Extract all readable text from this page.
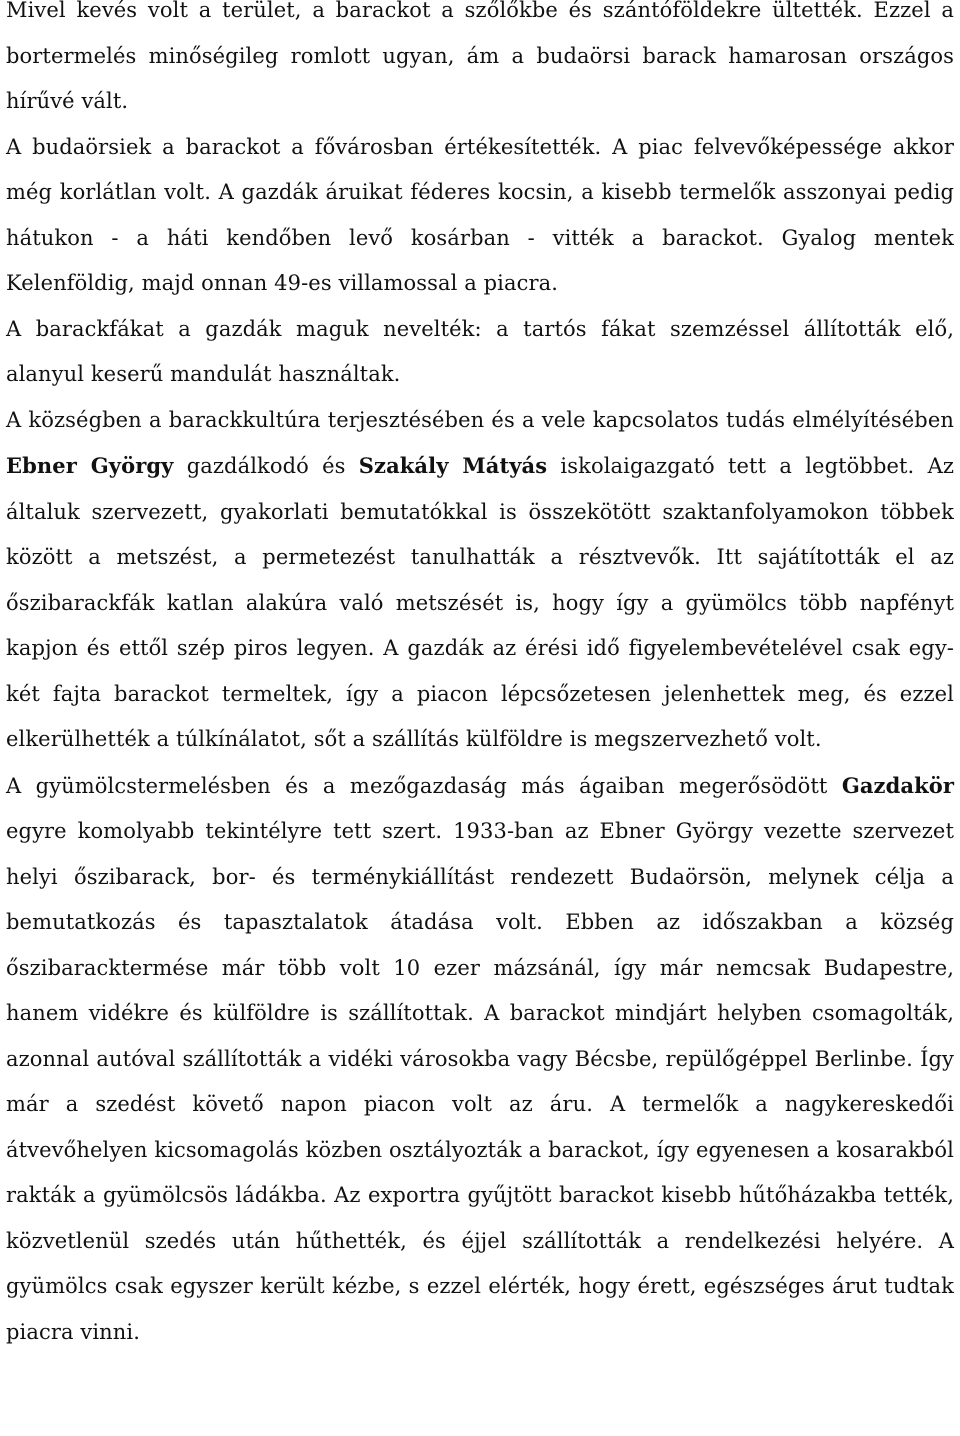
Mivel kevés volt a terület, a barackot a szőlőkbe és szántóföldekre ültették. Ezzel a bortermelés minőségileg romlott ugyan, ám a budaörsi barack hamarosan országos hírűvé vált.

A budaörsiek a barackot a fővárosban értékesítették. A piac felvevőképessége akkor még korlátlan volt. A gazdák áruikat féderes kocsin, a kisebb termelők asszonyai pedig hátukon - a háti kendőben levő kosárban - vitték a barackot. Gyalog mentek Kelenföldig, majd onnan 49-es villamossal a piacra.

A barackfákat a gazdák maguk nevelték: a tartós fákat szemzéssel állították elő, alanyul keserű mandulát használtak.

A községben a barackkultúra terjesztésében és a vele kapcsolatos tudás elmélyítésében Ebner György gazdálkodó és Szakály Mátyás iskolaigazgató tett a legtöbbet. Az általuk szervezett, gyakorlati bemutatókkal is összekötött szaktanfolyamokon többek között a metszést, a permetezést tanulhatták a résztvevők. Itt sajátították el az őszibarackfák katlan alakúra való metszését is, hogy így a gyümölcs több napfényt kapjon és ettől szép piros legyen. A gazdák az érési idő figyelembevételével csak egy-két fajta barackot termeltek, így a piacon lépcsőzetesen jelenhettek meg, és ezzel elkerülhették a túlkínálatot, sőt a szállítás külföldre is megszervezhető volt.

A gyümölcstermelésben és a mezőgazdaság más ágaiban megerősödött Gazdakör egyre komolyabb tekintélyre tett szert. 1933-ban az Ebner György vezette szervezet helyi őszibarack, bor- és terménykiállítást rendezett Budaörsön, melynek célja a bemutatkozás és tapasztalatok átadása volt. Ebben az időszakban a község őszibaracktermése már több volt 10 ezer mázsánál, így már nemcsak Budapestre, hanem vidékre és külföldre is szállítottak. A barackot mindjárt helyben csomagolták, azonnal autóval szállították a vidéki városokba vagy Bécsbe, repülőgéppel Berlinbe. Így már a szedést követő napon piacon volt az áru. A termelők a nagykereskedői átvevőhelyen kicsomagolás közben osztályozták a barackot, így egyenesen a kosarakból rakták a gyümölcsös ládákba. Az exportra gyűjtött barackot kisebb hűtőházakba tették, közvetlenül szedés után hűthették, és éjjel szállították a rendelkezési helyére. A gyümölcs csak egyszer került kézbe, s ezzel elérték, hogy érett, egészséges árut tudtak piacra vinni.
